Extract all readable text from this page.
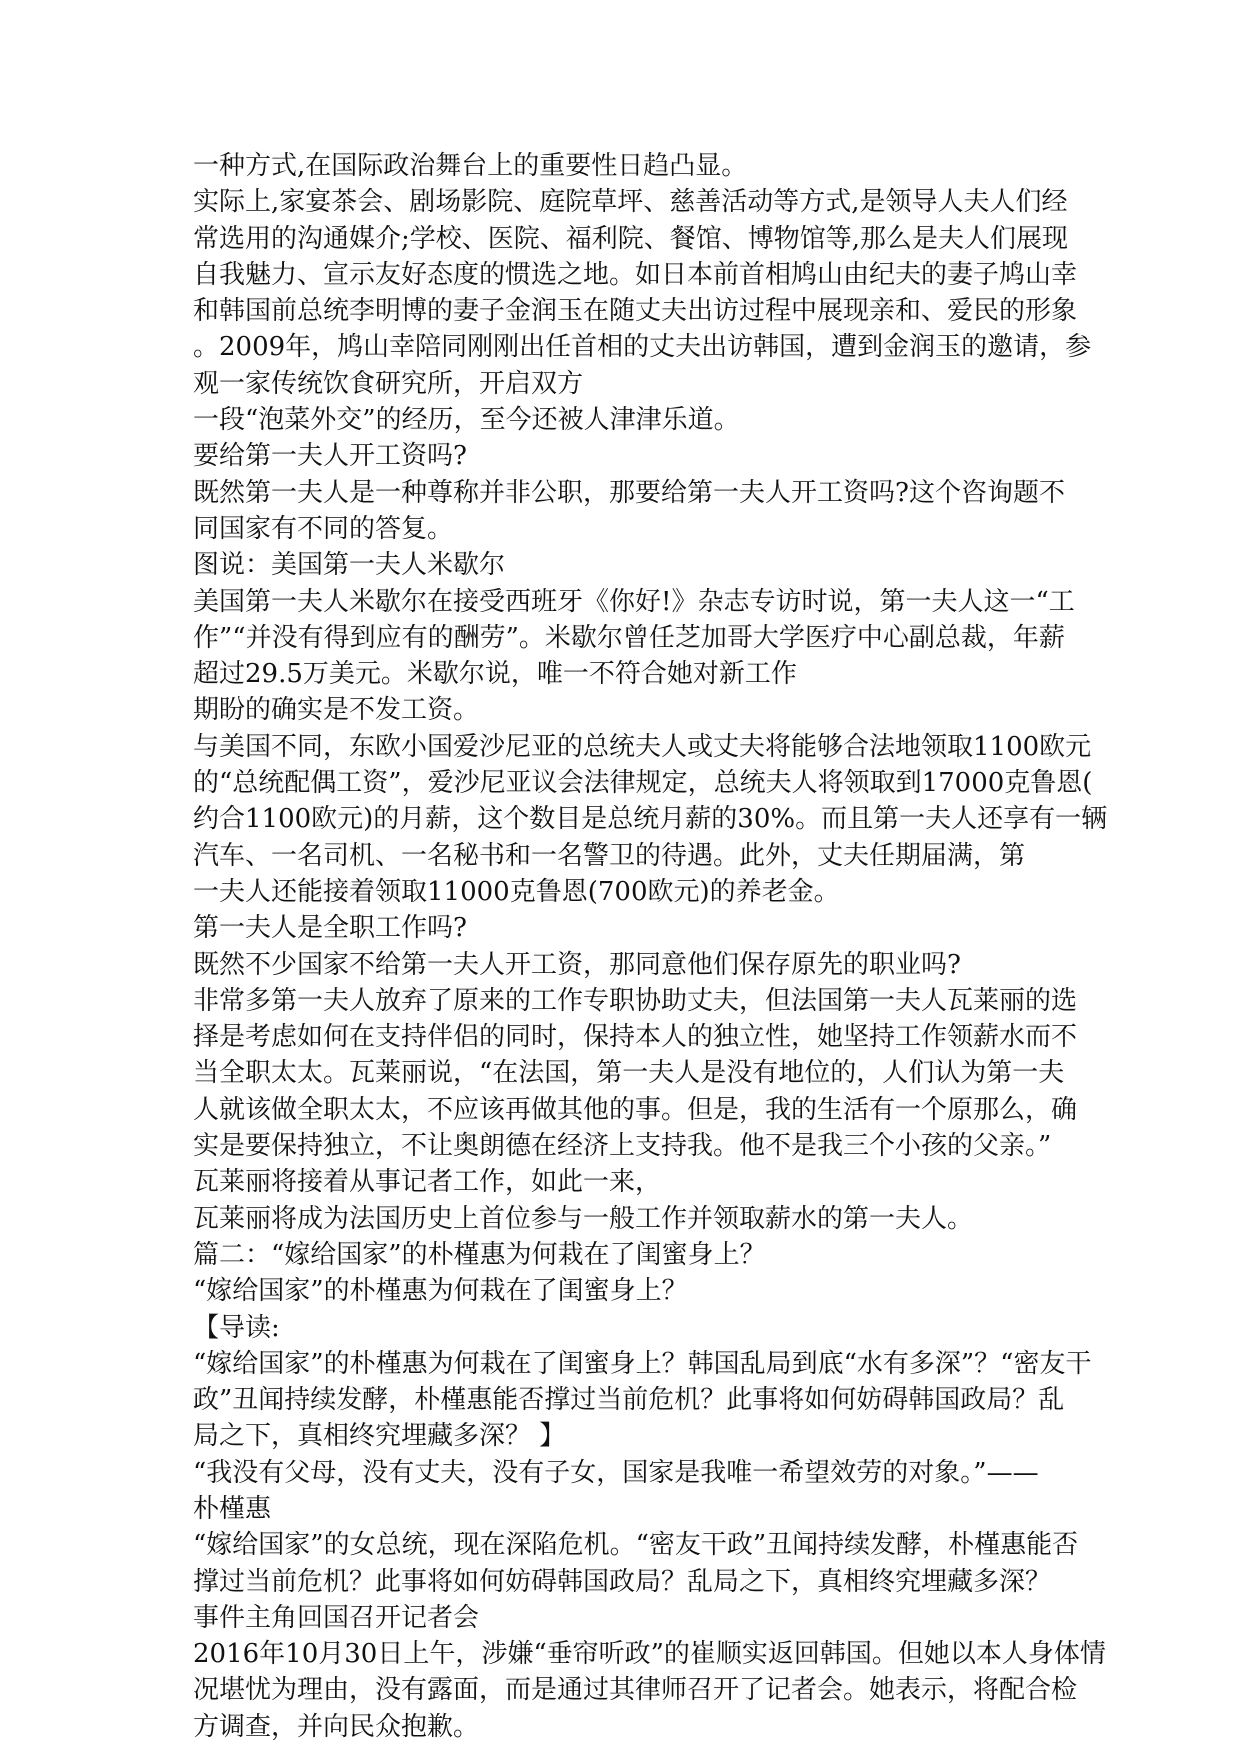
一种方式,在国际政治舞台上的重要性日趋凸显。
实际上,家宴茶会、剧场影院、庭院草坪、慈善活动等方式,是领导人夫人们经
常选用的沟通媒介;学校、医院、福利院、餐馆、博物馆等,那么是夫人们展现
自我魅力、宣示友好态度的惯选之地。如日本前首相鸠山由纪夫的妻子鸠山幸
和韩国前总统李明博的妻子金润玉在随丈夫出访过程中展现亲和、爱民的形象
。2009年，鸠山幸陪同刚刚出任首相的丈夫出访韩国，遭到金润玉的邀请，参
观一家传统饮食研究所，开启双方
一段“泡菜外交”的经历，至今还被人津津乐道。
要给第一夫人开工资吗?
既然第一夫人是一种尊称并非公职，那要给第一夫人开工资吗?这个咨询题不
同国家有不同的答复。
图说：美国第一夫人米歇尔
美国第一夫人米歇尔在接受西班牙《你好!》杂志专访时说，第一夫人这一“工
作”“并没有得到应有的酬劳”。米歇尔曾任芝加哥大学医疗中心副总裁，年薪
超过29.5万美元。米歇尔说，唯一不符合她对新工作
期盼的确实是不发工资。
与美国不同，东欧小国爱沙尼亚的总统夫人或丈夫将能够合法地领取1100欧元
的“总统配偶工资”，爱沙尼亚议会法律规定，总统夫人将领取到17000克鲁恩(
约合1100欧元)的月薪，这个数目是总统月薪的30%。而且第一夫人还享有一辆
汽车、一名司机、一名秘书和一名警卫的待遇。此外，丈夫任期届满，第
一夫人还能接着领取11000克鲁恩(700欧元)的养老金。
第一夫人是全职工作吗?
既然不少国家不给第一夫人开工资，那同意他们保存原先的职业吗?
非常多第一夫人放弃了原来的工作专职协助丈夫，但法国第一夫人瓦莱丽的选
择是考虑如何在支持伴侣的同时，保持本人的独立性，她坚持工作领薪水而不
当全职太太。瓦莱丽说，“在法国，第一夫人是没有地位的，人们认为第一夫
人就该做全职太太，不应该再做其他的事。但是，我的生活有一个原那么，确
实是要保持独立，不让奥朗德在经济上支持我。他不是我三个小孩的父亲。”
瓦莱丽将接着从事记者工作，如此一来，
瓦莱丽将成为法国历史上首位参与一般工作并领取薪水的第一夫人。
篇二：“嫁给国家”的朴槿惠为何栽在了闺蜜身上？
“嫁给国家”的朴槿惠为何栽在了闺蜜身上？
【导读:
“嫁给国家”的朴槿惠为何栽在了闺蜜身上？韩国乱局到底“水有多深”？“密友干
政”丑闻持续发酵，朴槿惠能否撑过当前危机？此事将如何妨碍韩国政局？乱
局之下，真相终究埋藏多深？ 】
“我没有父母，没有丈夫，没有子女，国家是我唯一希望效劳的对象。”——
朴槿惠
“嫁给国家”的女总统，现在深陷危机。“密友干政”丑闻持续发酵，朴槿惠能否
撑过当前危机？此事将如何妨碍韩国政局？乱局之下，真相终究埋藏多深？
事件主角回国召开记者会
2016年10月30日上午，涉嫌“垂帘听政”的崔顺实返回韩国。但她以本人身体情
况堪忧为理由，没有露面，而是通过其律师召开了记者会。她表示，将配合检
方调查，并向民众抱歉。
